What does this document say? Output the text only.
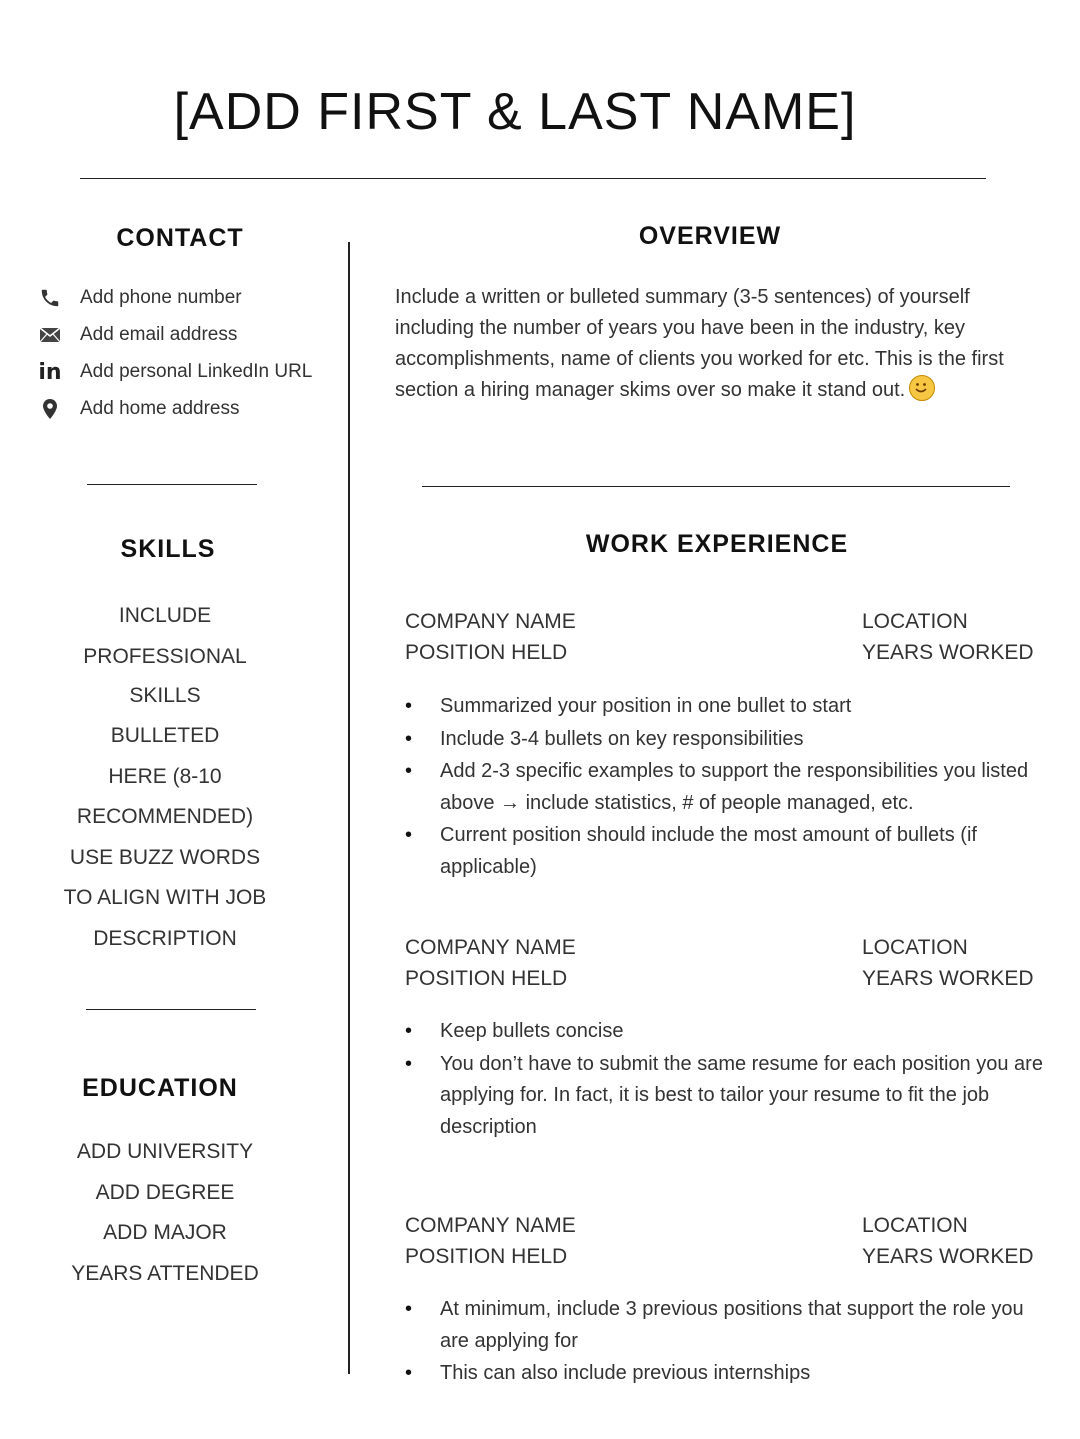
[ADD FIRST & LAST NAME]
CONTACT
Add phone number
Add email address
in Add personal LinkedIn URL
Add home address
SKILLS
INCLUDE
PROFESSIONAL
SKILLS
BULLETED
HERE (8-10
RECOMMENDED)
USE BUZZ WORDS
TO ALIGN WITH JOB
DESCRIPTION
EDUCATION
ADD UNIVERSITY
ADD DEGREE
ADD MAJOR
YEARS ATTENDED
OVERVIEW
Include a written or bulleted summary (3-5 sentences) of yourself including the number of years you have been in the industry, key accomplishments, name of clients you worked for etc. This is the first section a hiring manager skims over so make it stand out.
WORK EXPERIENCE
COMPANY NAME
POSITION HELD
LOCATION
YEARS WORKED
• Summarized your position in one bullet to start
• Include 3-4 bullets on key responsibilities
• Add 2-3 specific examples to support the responsibilities you listed above → include statistics, # of people managed, etc.
• Current position should include the most amount of bullets (if applicable)
COMPANY NAME
POSITION HELD
LOCATION
YEARS WORKED
• Keep bullets concise
• You don’t have to submit the same resume for each position you are applying for. In fact, it is best to tailor your resume to fit the job description
COMPANY NAME
POSITION HELD
LOCATION
YEARS WORKED
• At minimum, include 3 previous positions that support the role you are applying for
• This can also include previous internships
